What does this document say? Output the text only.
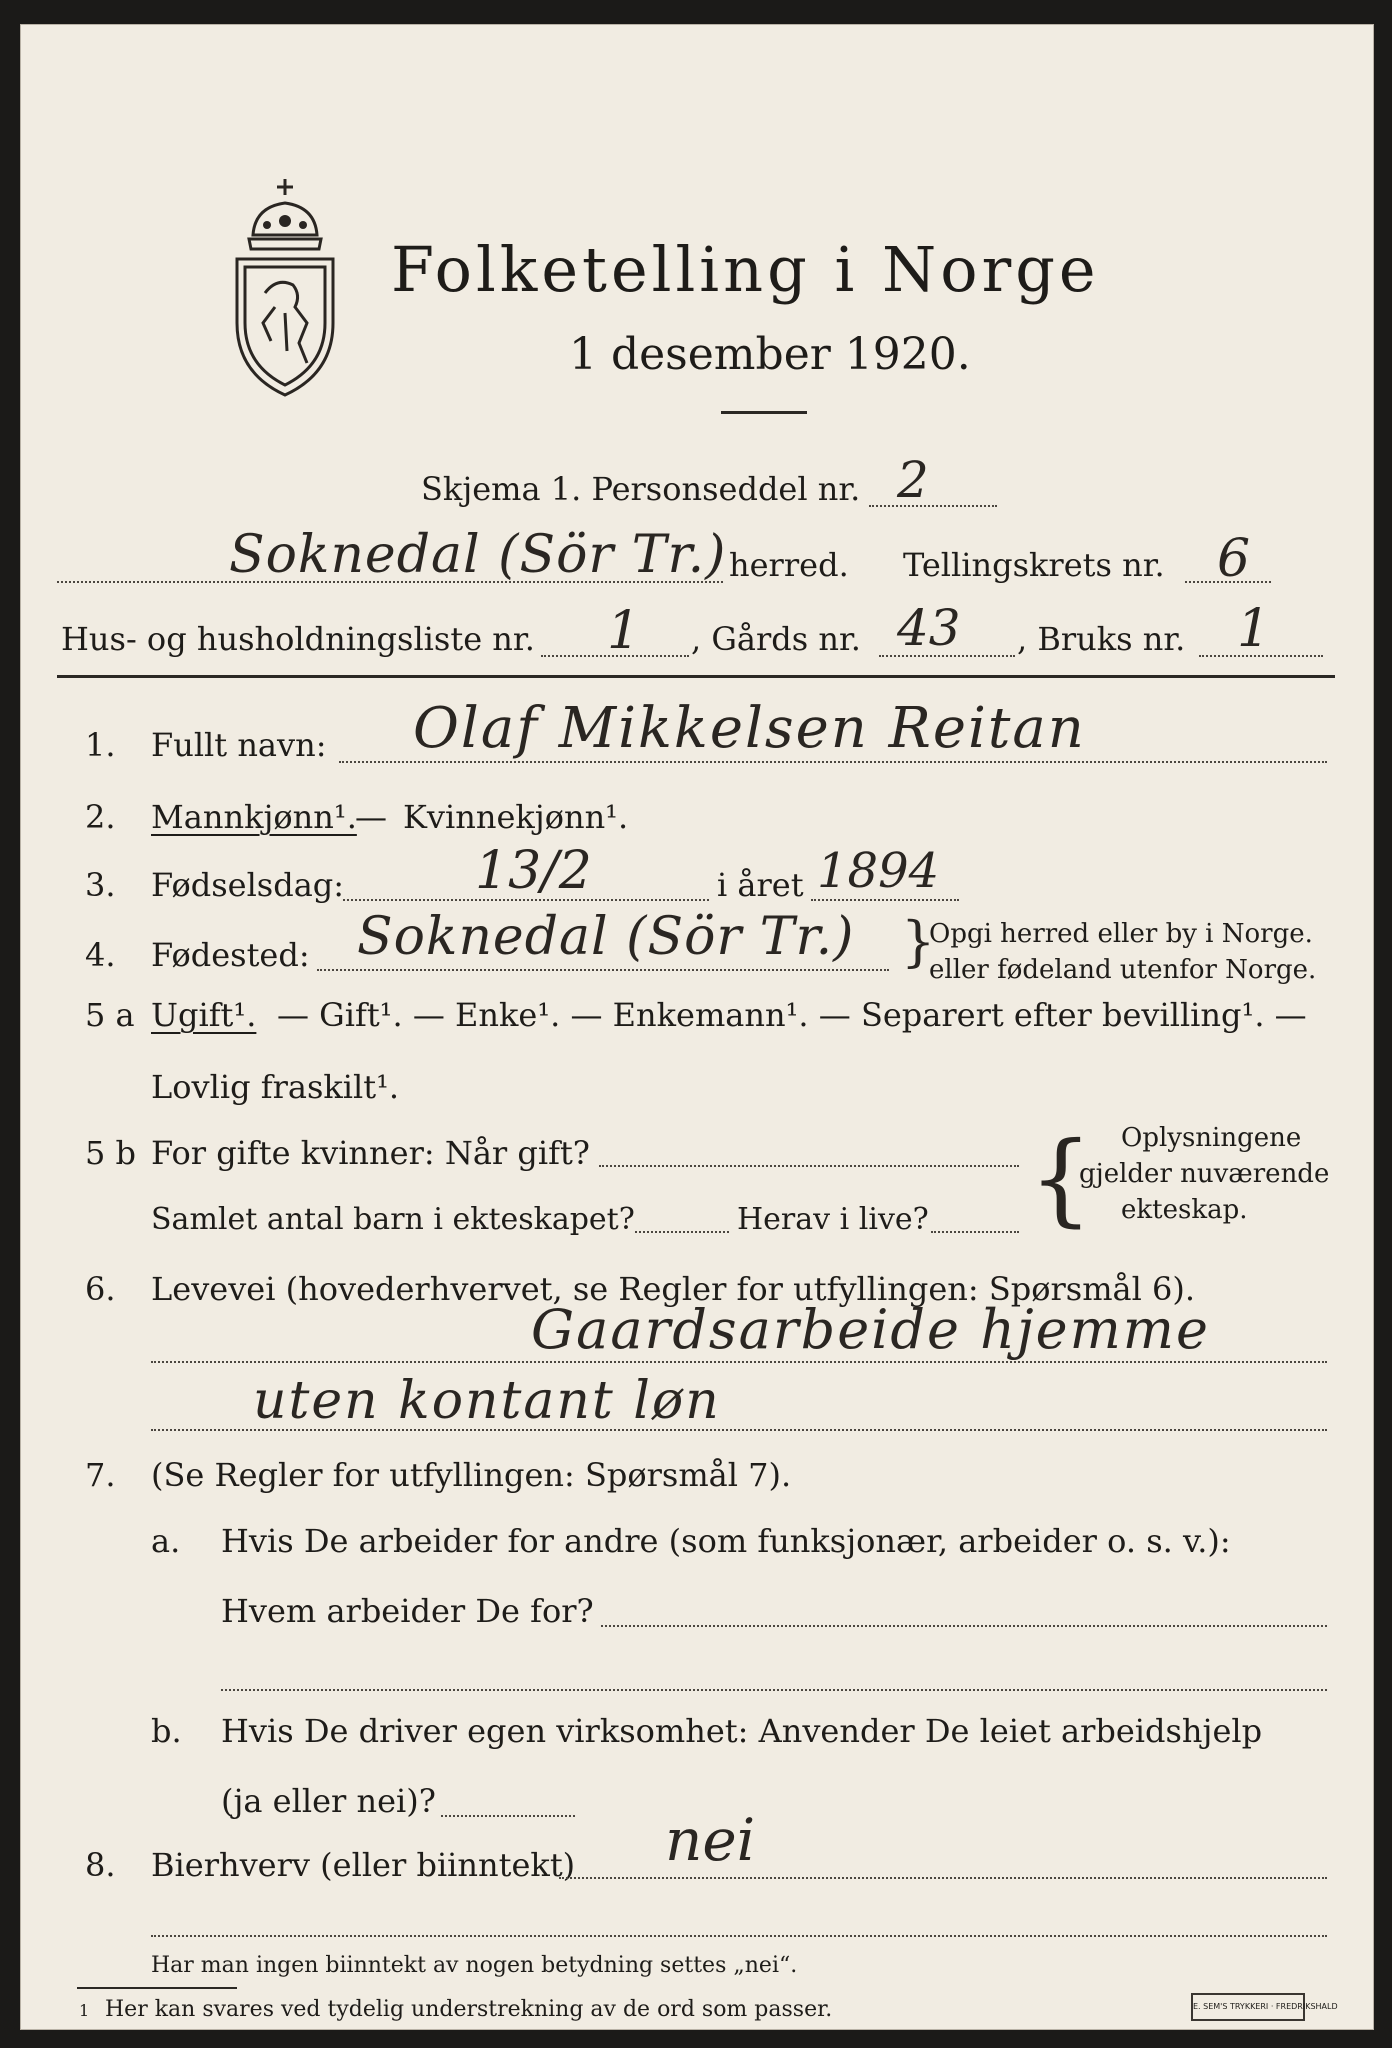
Folketelling i Norge
1 desember 1920.
Skjema 1. Personseddel nr. 2
Soknedal (Sör Tr.) herred. Tellingskrets nr. 6
Hus- og husholdningsliste nr. 1 , Gårds nr. 43 , Bruks nr. 1
1. Fullt navn: Olaf Mikkelsen Reitan
2. Mannkjønn¹.
— Kvinnekjønn¹.
3. Fødselsdag:	13/2	i året 1894
4. Fødested: Soknedal (Sör Tr.) }
Opgi herred eller by i Norge.
eller fødeland utenfor Norge.
5 a Ugift¹. — Gift¹. — Enke¹. — Enkemann¹. — Separert efter bevilling¹. —
Lovlig fraskilt¹.
5 b For gifte kvinner: Når gift?
Samlet antal barn i ekteskapet?	Herav i live? { Oplysningene
gjelder nuværende
ekteskap.
6. Levevei (hovederhvervet, se Regler for utfyllingen: Spørsmål 6).
Gaardsarbeide hjemme
uten kontant løn
7. (Se Regler for utfyllingen: Spørsmål 7).
a. Hvis De arbeider for andre (som funksjonær, arbeider o. s. v.):
Hvem arbeider De for?
b. Hvis De driver egen virksomhet: Anvender De leiet arbeidshjelp
(ja eller nei)?
8. Bierhverv (eller biinntekt) nei
Har man ingen biinntekt av nogen betydning settes „nei“.
1 Her kan svares ved tydelig understrekning av de ord som passer.	E. SEM'S TRYKKERI · FREDRIKSHALD
